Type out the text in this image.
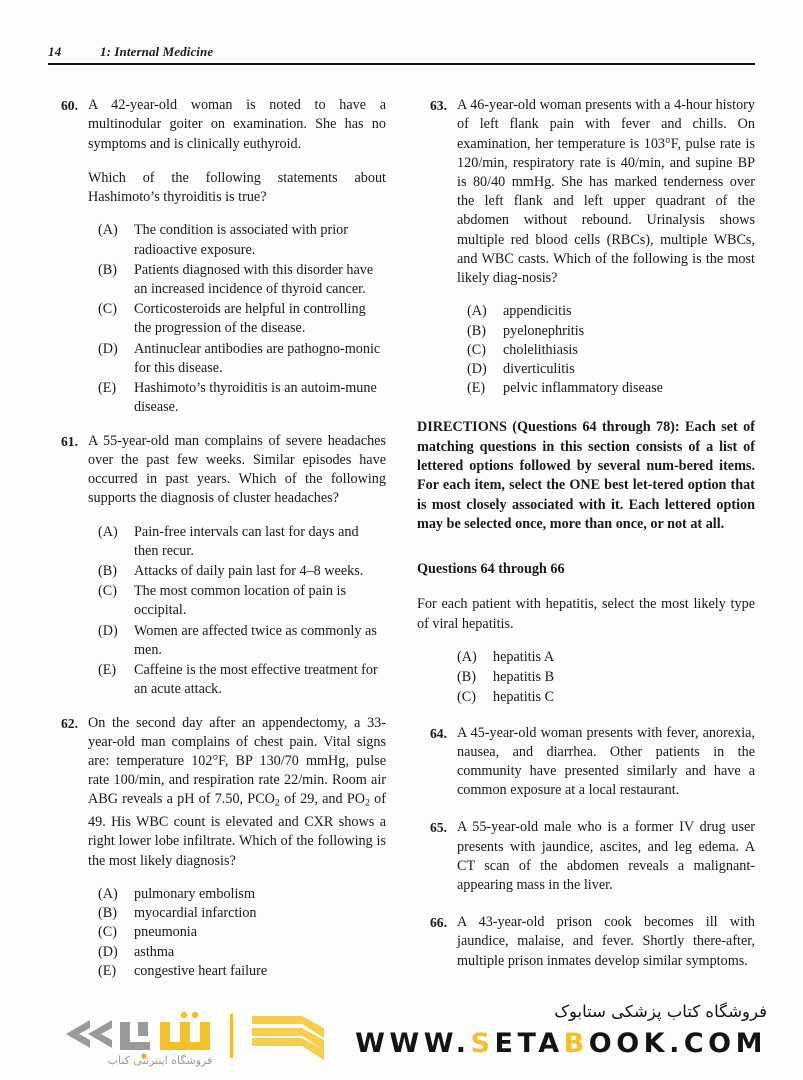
14	1: Internal Medicine
60. A 42-year-old woman is noted to have a multinodular goiter on examination. She has no symptoms and is clinically euthyroid.

Which of the following statements about Hashimoto’s thyroiditis is true?

(A)	The condition is associated with prior radioactive exposure.
(B)	Patients diagnosed with this disorder have an increased incidence of thyroid cancer.
(C)	Corticosteroids are helpful in controlling the progression of the disease.
(D)	Antinuclear antibodies are pathogno-monic for this disease.
(E)	Hashimoto’s thyroiditis is an autoim-mune disease.
61. A 55-year-old man complains of severe headaches over the past few weeks. Similar episodes have occurred in past years. Which of the following supports the diagnosis of cluster headaches?

(A)	Pain-free intervals can last for days and then recur.
(B)	Attacks of daily pain last for 4–8 weeks.
(C)	The most common location of pain is occipital.
(D)	Women are affected twice as commonly as men.
(E)	Caffeine is the most effective treatment for an acute attack.
62. On the second day after an appendectomy, a 33-year-old man complains of chest pain. Vital signs are: temperature 102°F, BP 130/70 mmHg, pulse rate 100/min, and respiration rate 22/min. Room air ABG reveals a pH of 7.50, $PCO_2$ of 29, and $PO_2$ of 49. His WBC count is elevated and CXR shows a right lower lobe infiltrate. Which of the following is the most likely diagnosis?

(A)	pulmonary embolism
(B)	myocardial infarction
(C)	pneumonia
(D)	asthma
(E)	congestive heart failure
63. A 46-year-old woman presents with a 4-hour history of left flank pain with fever and chills. On examination, her temperature is 103°F, pulse rate is 120/min, respiratory rate is 40/min, and supine BP is 80/40 mmHg. She has marked tenderness over the left flank and left upper quadrant of the abdomen without rebound. Urinalysis shows multiple red blood cells (RBCs), multiple WBCs, and WBC casts. Which of the following is the most likely diag-nosis?

(A)	appendicitis
(B)	pyelonephritis
(C)	cholelithiasis
(D)	diverticulitis
(E)	pelvic inflammatory disease

DIRECTIONS (Questions 64 through 78): Each set of matching questions in this section consists of a list of lettered options followed by several num-bered items. For each item, select the ONE best let-tered option that is most closely associated with it. Each lettered option may be selected once, more than once, or not at all.

Questions 64 through 66

For each patient with hepatitis, select the most likely type of viral hepatitis.

(A)	hepatitis A
(B)	hepatitis B
(C)	hepatitis C
64. A 45-year-old woman presents with fever, anorexia, nausea, and diarrhea. Other patients in the community have presented similarly and have a common exposure at a local restaurant.

65. A 55-year-old male who is a former IV drug user presents with jaundice, ascites, and leg edema. A CT scan of the abdomen reveals a malignant-appearing mass in the liver.

66. A 43-year-old prison cook becomes ill with jaundice, malaise, and fever. Shortly there-after, multiple prison inmates develop similar symptoms.

فروشگاه اینترنتی کتاب
فروشگاه کتاب پزشکی ستابوک
WWW.SETABOOK.COM
